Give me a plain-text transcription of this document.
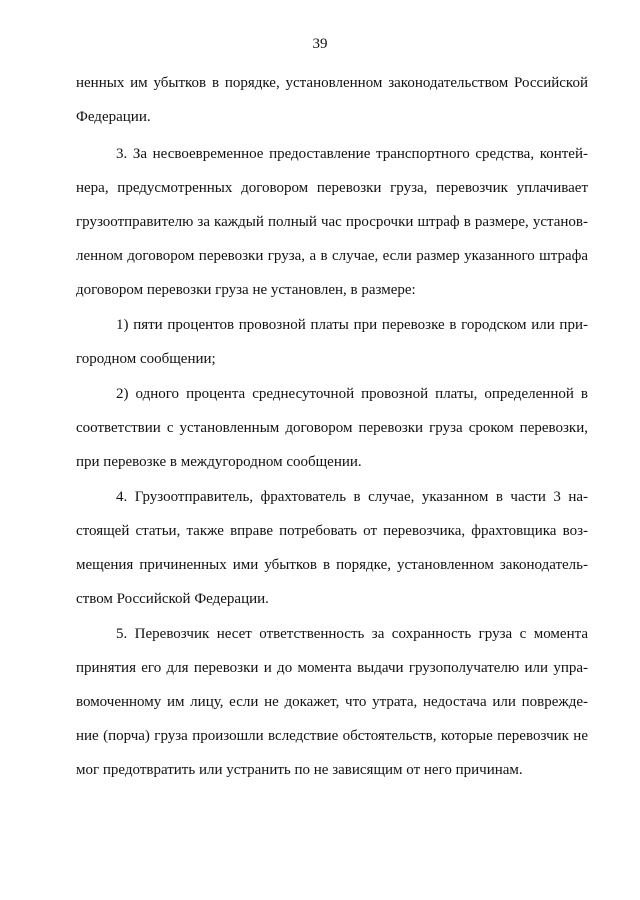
39
ненных им убытков в порядке, установленном законодательством Российской
Федерации.
3. За несвоевременное предоставление транспортного средства, контей-
нера, предусмотренных договором перевозки груза, перевозчик уплачивает
грузоотправителю за каждый полный час просрочки штраф в размере, установ-
ленном договором перевозки груза, а в случае, если размер указанного штрафа
договором перевозки груза не установлен, в размере:
1) пяти процентов провозной платы при перевозке в городском или при-
городном сообщении;
2) одного процента среднесуточной провозной платы, определенной в
соответствии с установленным договором перевозки груза сроком перевозки,
при перевозке в междугородном сообщении.
4. Грузоотправитель, фрахтователь в случае, указанном в части 3 на-
стоящей статьи, также вправе потребовать от перевозчика, фрахтовщика воз-
мещения причиненных ими убытков в порядке, установленном законодатель-
ством Российской Федерации.
5. Перевозчик несет ответственность за сохранность груза с момента
принятия его для перевозки и до момента выдачи грузополучателю или упра-
вомоченному им лицу, если не докажет, что утрата, недостача или поврежде-
ние (порча) груза произошли вследствие обстоятельств, которые перевозчик не
мог предотвратить или устранить по не зависящим от него причинам.
